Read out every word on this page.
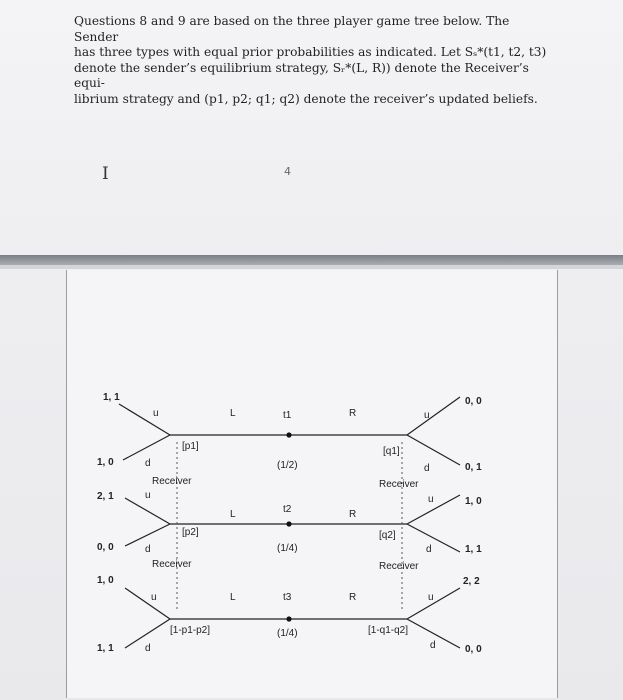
Questions 8 and 9 are based on the three player game tree below. The Sender
has three types with equal prior probabilities as indicated. Let Sₛ*(t1, t2, t3)
denote the sender’s equilibrium strategy, Sᵣ*(L, R)) denote the Receiver’s equi-
librium strategy and (p1, p2; q1; q2) denote the receiver’s updated beliefs.
I	4
t1
(1/2)
t2
(1/4)
t3
(1/4)
L
L
L
R
R
R
[p1]
[p2]
[1-p1-p2]
[q1]
[q2]
[1-q1-q2]
Receiver
Receiver
Receiver
Receiver
u
d
u
d
u
d
u
d
u
d
u
d
1, 1
1, 0
2, 1
0, 0
1, 0
1, 1
0, 0
0, 1
1, 0
1, 1
2, 2
0, 0
